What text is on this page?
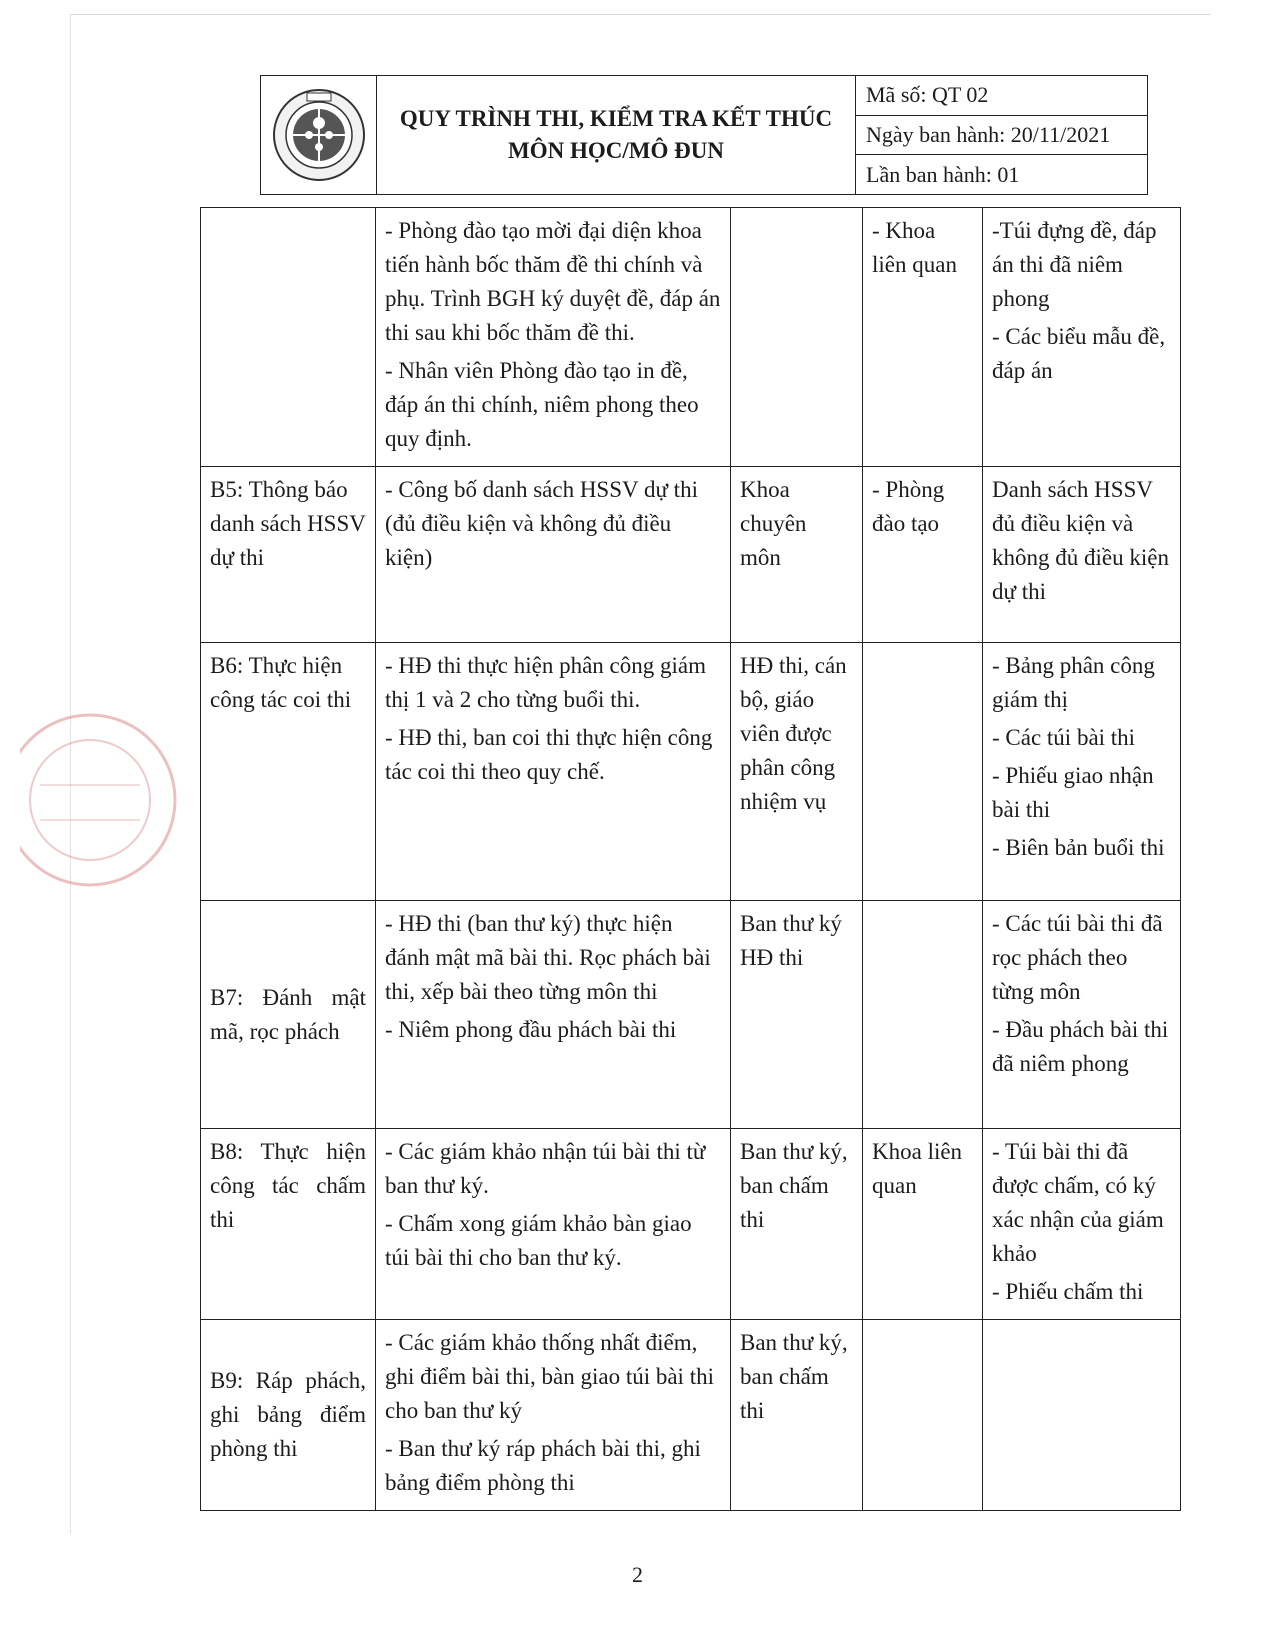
QUY TRÌNH THI, KIỂM TRA KẾT THÚC
MÔN HỌC/MÔ ĐUN
Mã số: QT 02
Ngày ban hành: 20/11/2021
Lần ban hành: 01

	- Phòng đào tạo mời đại diện khoa tiến hành bốc thăm đề thi chính và phụ. Trình BGH ký duyệt đề, đáp án thi sau khi bốc thăm đề thi.
- Nhân viên Phòng đào tạo in đề, đáp án thi chính, niêm phong theo quy định.		- Khoa liên quan	-Túi đựng đề, đáp án thi đã niêm phong
- Các biểu mẫu đề, đáp án

B5: Thông báo danh sách HSSV dự thi	- Công bố danh sách HSSV dự thi (đủ điều kiện và không đủ điều kiện)	Khoa chuyên môn	- Phòng đào tạo	Danh sách HSSV đủ điều kiện và không đủ điều kiện dự thi

B6: Thực hiện công tác coi thi	- HĐ thi thực hiện phân công giám thị 1 và 2 cho từng buổi thi.
- HĐ thi, ban coi thi thực hiện công tác coi thi theo quy chế.	HĐ thi, cán bộ, giáo viên được phân công nhiệm vụ		- Bảng phân công giám thị
- Các túi bài thi
- Phiếu giao nhận bài thi
- Biên bản buổi thi

B7: Đánh mật mã, rọc phách	- HĐ thi (ban thư ký) thực hiện đánh mật mã bài thi. Rọc phách bài thi, xếp bài theo từng môn thi
- Niêm phong đầu phách bài thi	Ban thư ký HĐ thi		- Các túi bài thi đã rọc phách theo từng môn
- Đầu phách bài thi đã niêm phong

B8: Thực hiện công tác chấm thi	- Các giám khảo nhận túi bài thi từ ban thư ký.
- Chấm xong giám khảo bàn giao túi bài thi cho ban thư ký.	Ban thư ký, ban chấm thi	Khoa liên quan	- Túi bài thi đã được chấm, có ký xác nhận của giám khảo
- Phiếu chấm thi

B9: Ráp phách, ghi bảng điểm phòng thi	- Các giám khảo thống nhất điểm, ghi điểm bài thi, bàn giao túi bài thi cho ban thư ký
- Ban thư ký ráp phách bài thi, ghi bảng điểm phòng thi	Ban thư ký, ban chấm thi		
2
